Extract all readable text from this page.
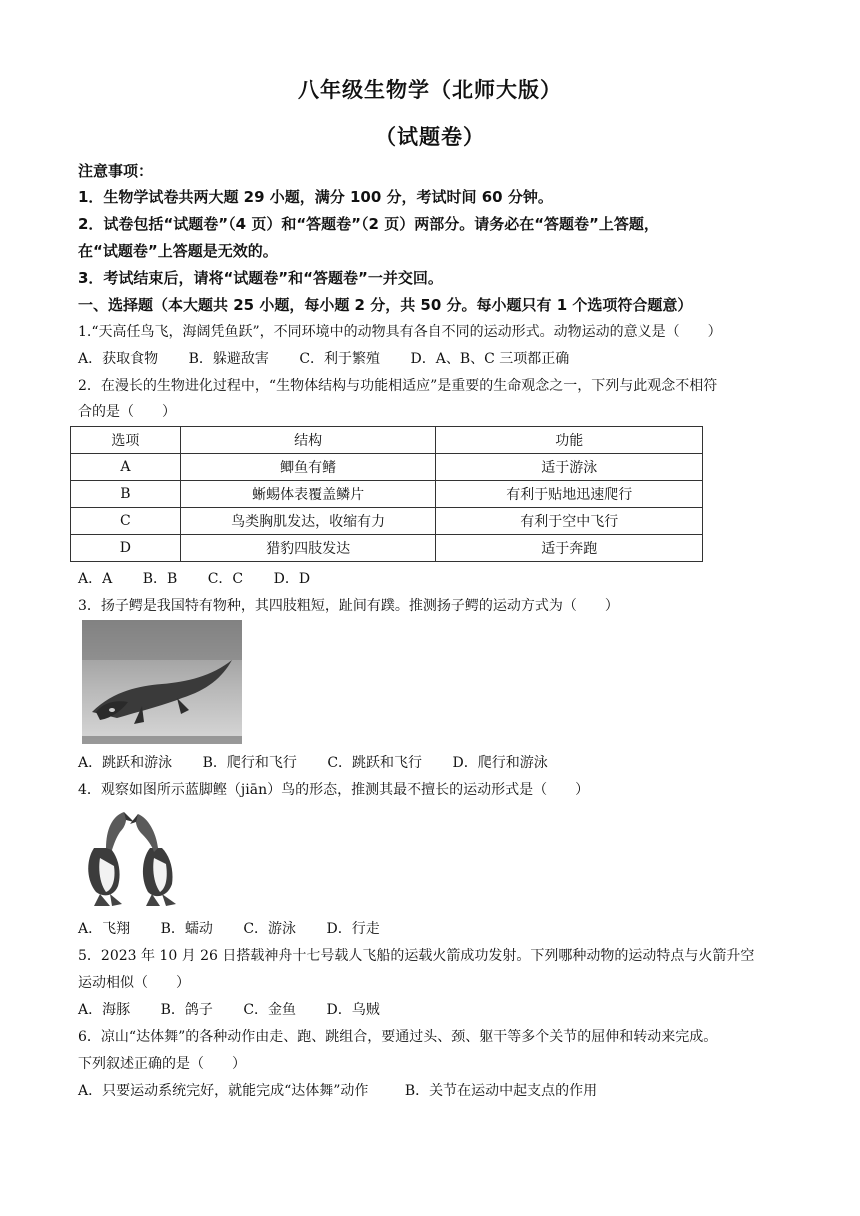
八年级生物学（北师大版）
（试题卷）
注意事项：
1．生物学试卷共两大题 29 小题，满分 100 分，考试时间 60 分钟。
2．试卷包括“试题卷”（4 页）和“答题卷”（2 页）两部分。请务必在“答题卷”上答题，
在“试题卷”上答题是无效的。
3．考试结束后，请将“试题卷”和“答题卷”一并交回。
一、选择题（本大题共 25 小题，每小题 2 分，共 50 分。每小题只有 1 个选项符合题意）
1.“天高任鸟飞，海阔凭鱼跃”，不同环境中的动物具有各自不同的运动形式。动物运动的意义是（　　）
A．获取食物 B．躲避敌害 C．利于繁殖 D．A、B、C 三项都正确
2．在漫长的生物进化过程中，“生物体结构与功能相适应”是重要的生命观念之一，下列与此观念不相符
合的是（　　）
选项	结构	功能
A	鲫鱼有鳍	适于游泳
B	蜥蜴体表覆盖鳞片	有利于贴地迅速爬行
C	鸟类胸肌发达，收缩有力	有利于空中飞行
D	猎豹四肢发达	适于奔跑
A．A B．B C．C D．D
3．扬子鳄是我国特有物种，其四肢粗短，趾间有蹼。推测扬子鳄的运动方式为（　　）
A．跳跃和游泳 B．爬行和飞行 C．跳跃和飞行 D．爬行和游泳
4．观察如图所示蓝脚鲣（jiān）鸟的形态，推测其最不擅长的运动形式是（　　）
A．飞翔 B．蠕动 C．游泳 D．行走
5．2023 年 10 月 26 日搭载神舟十七号载人飞船的运载火箭成功发射。下列哪种动物的运动特点与火箭升空
运动相似（　　）
A．海豚 B．鸽子 C．金鱼 D．乌贼
6．凉山“达体舞”的各种动作由走、跑、跳组合，要通过头、颈、躯干等多个关节的屈伸和转动来完成。
下列叙述正确的是（　　）
A．只要运动系统完好，就能完成“达体舞”动作	B．关节在运动中起支点的作用
